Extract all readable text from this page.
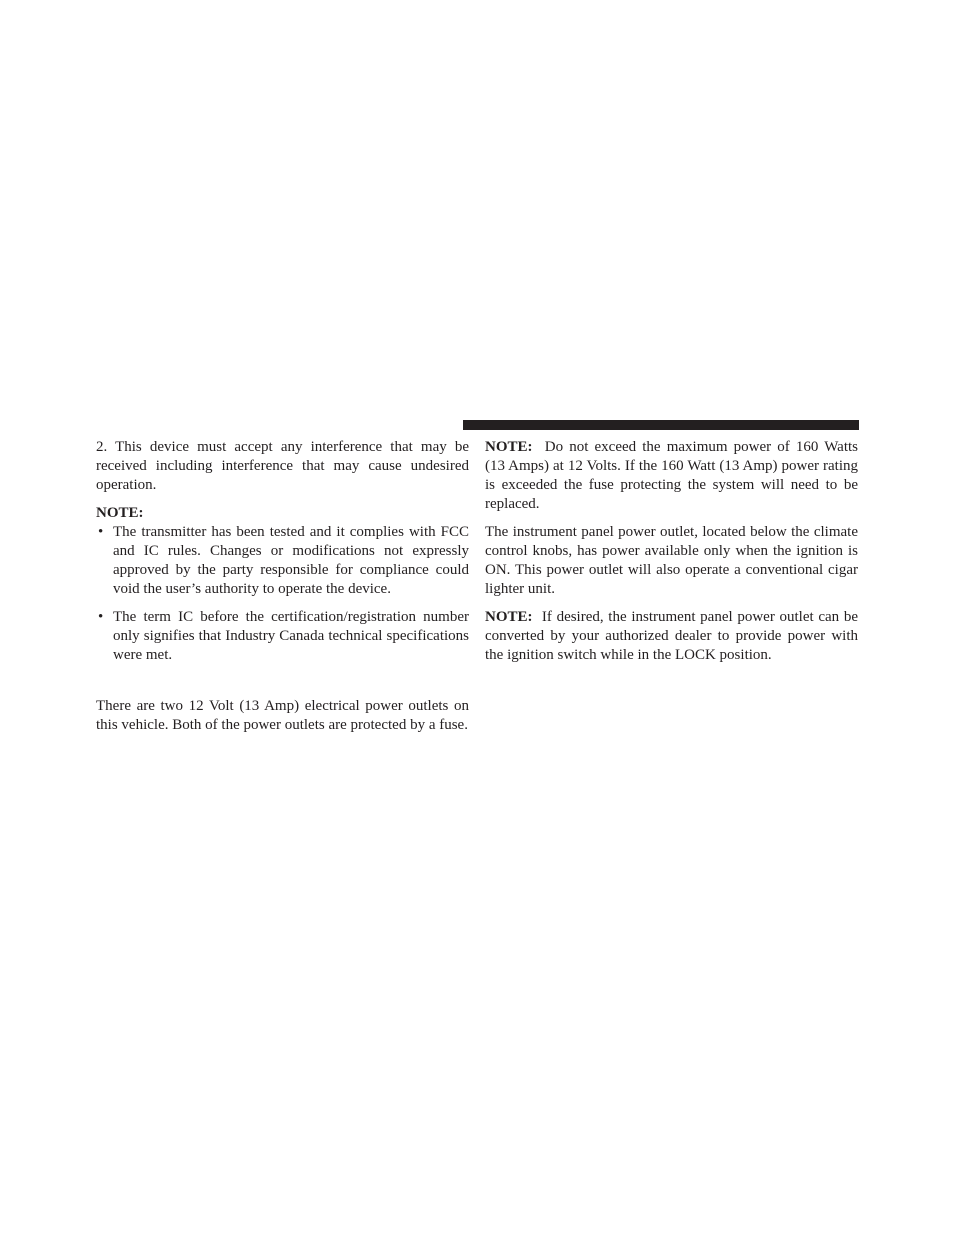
2. This device must accept any interference that may be received including interference that may cause undesired operation.

NOTE:

• The transmitter has been tested and it complies with FCC and IC rules. Changes or modifications not expressly approved by the party responsible for compliance could void the user’s authority to operate the device.
• The term IC before the certification/registration number only signifies that Industry Canada technical specifications were met.

There are two 12 Volt (13 Amp) electrical power outlets on this vehicle. Both of the power outlets are protected by a fuse.

NOTE: Do not exceed the maximum power of 160 Watts (13 Amps) at 12 Volts. If the 160 Watt (13 Amp) power rating is exceeded the fuse protecting the system will need to be replaced.

The instrument panel power outlet, located below the climate control knobs, has power available only when the ignition is ON. This power outlet will also operate a conventional cigar lighter unit.

NOTE: If desired, the instrument panel power outlet can be converted by your authorized dealer to provide power with the ignition switch while in the LOCK position.
